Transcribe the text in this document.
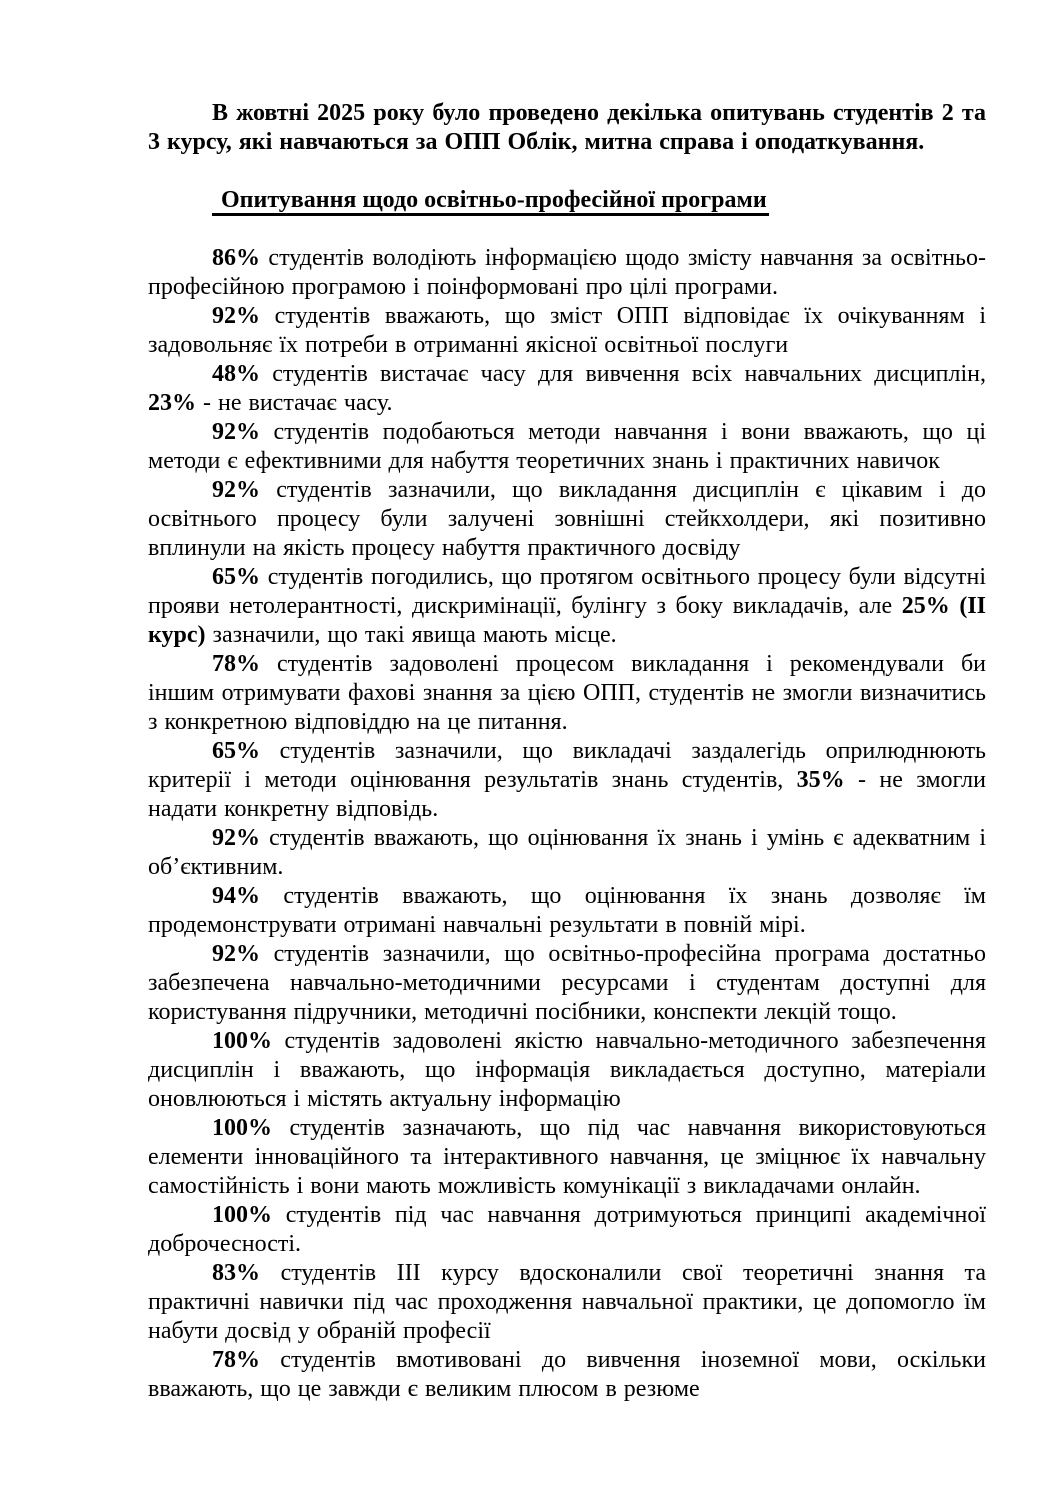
В жовтні 2025 року було проведено декілька опитувань студентів 2 та 3 курсу, які навчаються за ОПП Облік, митна справа і оподаткування.

Опитування щодо освітньо-професійної програми

86% студентів володіють інформацією щодо змісту навчання за освітньо-професійною програмою і поінформовані про цілі програми.

92% студентів вважають, що зміст ОПП відповідає їх очікуванням і задовольняє їх потреби в отриманні якісної освітньої послуги

48% студентів вистачає часу для вивчення всіх навчальних дисциплін, 23% - не вистачає часу.

92% студентів подобаються методи навчання і вони вважають, що ці методи є ефективними для набуття теоретичних знань і практичних навичок

92% студентів зазначили, що викладання дисциплін є цікавим і до освітнього процесу були залучені зовнішні стейкхолдери, які позитивно вплинули на якість процесу набуття практичного досвіду

65% студентів погодились, що протягом освітнього процесу були відсутні прояви нетолерантності, дискримінації, булінгу з боку викладачів, але 25% (ІІ курс) зазначили, що такі явища мають місце.

78% студентів задоволені процесом викладання і рекомендували би іншим отримувати фахові знання за цією ОПП, студентів не змогли визначитись з конкретною відповіддю на це питання.

65% студентів зазначили, що викладачі заздалегідь оприлюднюють критерії і методи оцінювання результатів знань студентів, 35% - не змогли надати конкретну відповідь.

92% студентів вважають, що оцінювання їх знань і умінь є адекватним і об’єктивним.

94% студентів вважають, що оцінювання їх знань дозволяє їм продемонструвати отримані навчальні результати в повній мірі.

92% студентів зазначили, що освітньо-професійна програма достатньо забезпечена навчально-методичними ресурсами і студентам доступні для користування підручники, методичні посібники, конспекти лекцій тощо.

100% студентів задоволені якістю навчально-методичного забезпечення дисциплін і вважають, що інформація викладається доступно, матеріали оновлюються і містять актуальну інформацію

100% студентів зазначають, що під час навчання використовуються елементи інноваційного та інтерактивного навчання, це зміцнює їх навчальну самостійність і вони мають можливість комунікації з викладачами онлайн.

100% студентів під час навчання дотримуються принципі академічної доброчесності.

83% студентів ІІІ курсу вдосконалили свої теоретичні знання та практичні навички під час проходження навчальної практики, це допомогло їм набути досвід у обраній професії

78% студентів вмотивовані до вивчення іноземної мови, оскільки вважають, що це завжди є великим плюсом в резюме
